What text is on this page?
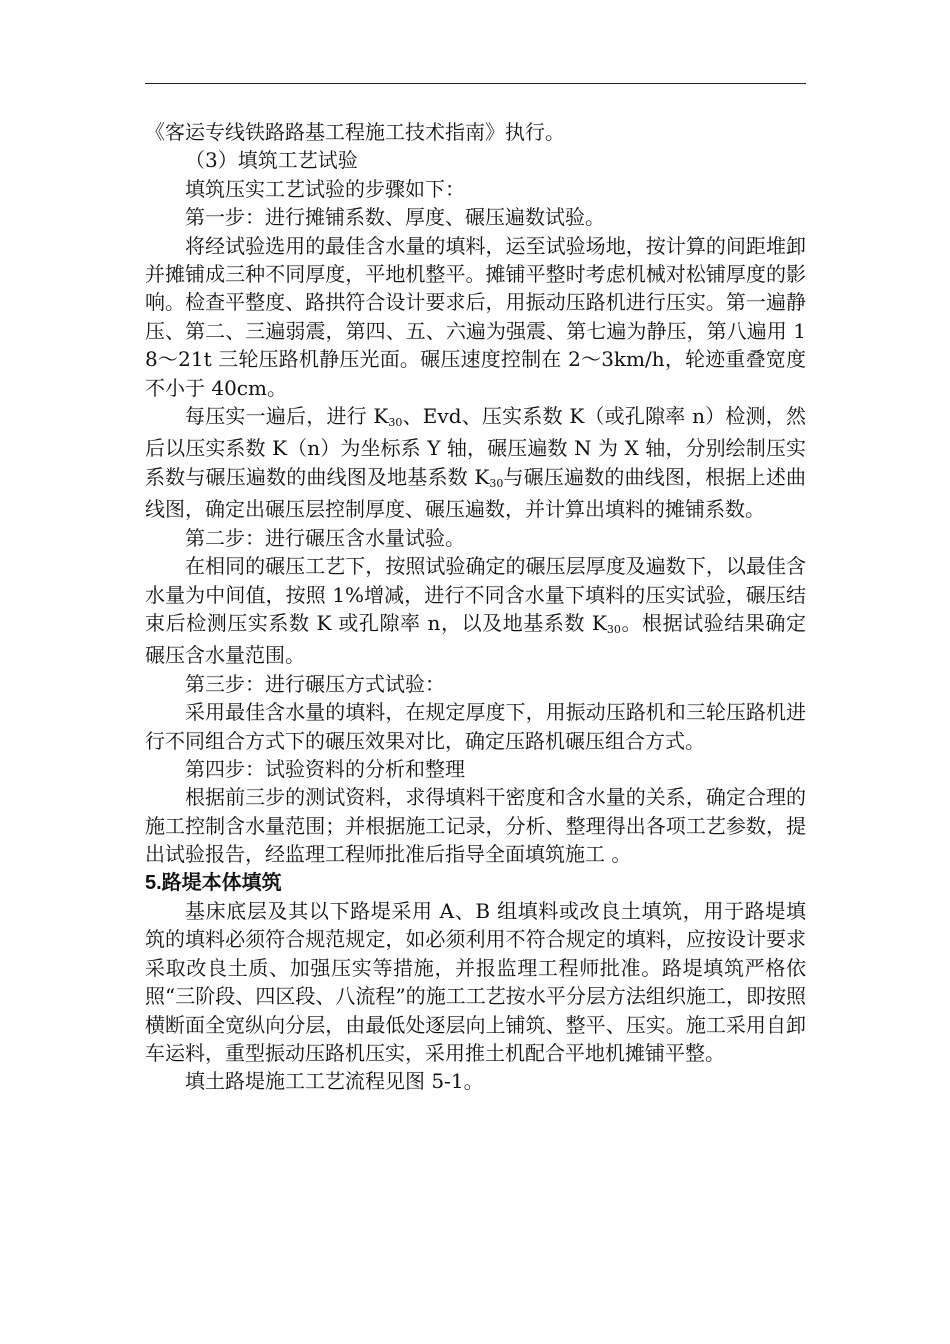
《客运专线铁路路基工程施工技术指南》执行。

（3）填筑工艺试验

填筑压实工艺试验的步骤如下：

第一步：进行摊铺系数、厚度、碾压遍数试验。

将经试验选用的最佳含水量的填料，运至试验场地，按计算的间距堆卸并摊铺成三种不同厚度，平地机整平。摊铺平整时考虑机械对松铺厚度的影响。检查平整度、路拱符合设计要求后，用振动压路机进行压实。第一遍静压、第二、三遍弱震，第四、五、六遍为强震、第七遍为静压，第八遍用 18～21t 三轮压路机静压光面。碾压速度控制在 2～3km/h，轮迹重叠宽度不小于 40cm。

每压实一遍后，进行 $K_{30}$、Evd、压实系数 K（或孔隙率 n）检测，然后以压实系数 K（n）为坐标系 Y 轴，碾压遍数 N 为 X 轴，分别绘制压实系数与碾压遍数的曲线图及地基系数 $K_{30}$与碾压遍数的曲线图，根据上述曲线图，确定出碾压层控制厚度、碾压遍数，并计算出填料的摊铺系数。

第二步：进行碾压含水量试验。

在相同的碾压工艺下，按照试验确定的碾压层厚度及遍数下，以最佳含水量为中间值，按照 1%增减，进行不同含水量下填料的压实试验，碾压结束后检测压实系数 K 或孔隙率 n，以及地基系数 $K_{30}$。根据试验结果确定碾压含水量范围。

第三步：进行碾压方式试验：

采用最佳含水量的填料，在规定厚度下，用振动压路机和三轮压路机进行不同组合方式下的碾压效果对比，确定压路机碾压组合方式。

第四步：试验资料的分析和整理

根据前三步的测试资料，求得填料干密度和含水量的关系，确定合理的施工控制含水量范围；并根据施工记录，分析、整理得出各项工艺参数，提出试验报告，经监理工程师批准后指导全面填筑施工 。

5.路堤本体填筑

基床底层及其以下路堤采用 A、B 组填料或改良土填筑，用于路堤填筑的填料必须符合规范规定，如必须利用不符合规定的填料，应按设计要求采取改良土质、加强压实等措施，并报监理工程师批准。路堤填筑严格依照“三阶段、四区段、八流程”的施工工艺按水平分层方法组织施工，即按照横断面全宽纵向分层，由最低处逐层向上铺筑、整平、压实。施工采用自卸车运料，重型振动压路机压实，采用推土机配合平地机摊铺平整。

填土路堤施工工艺流程见图 5-1。
